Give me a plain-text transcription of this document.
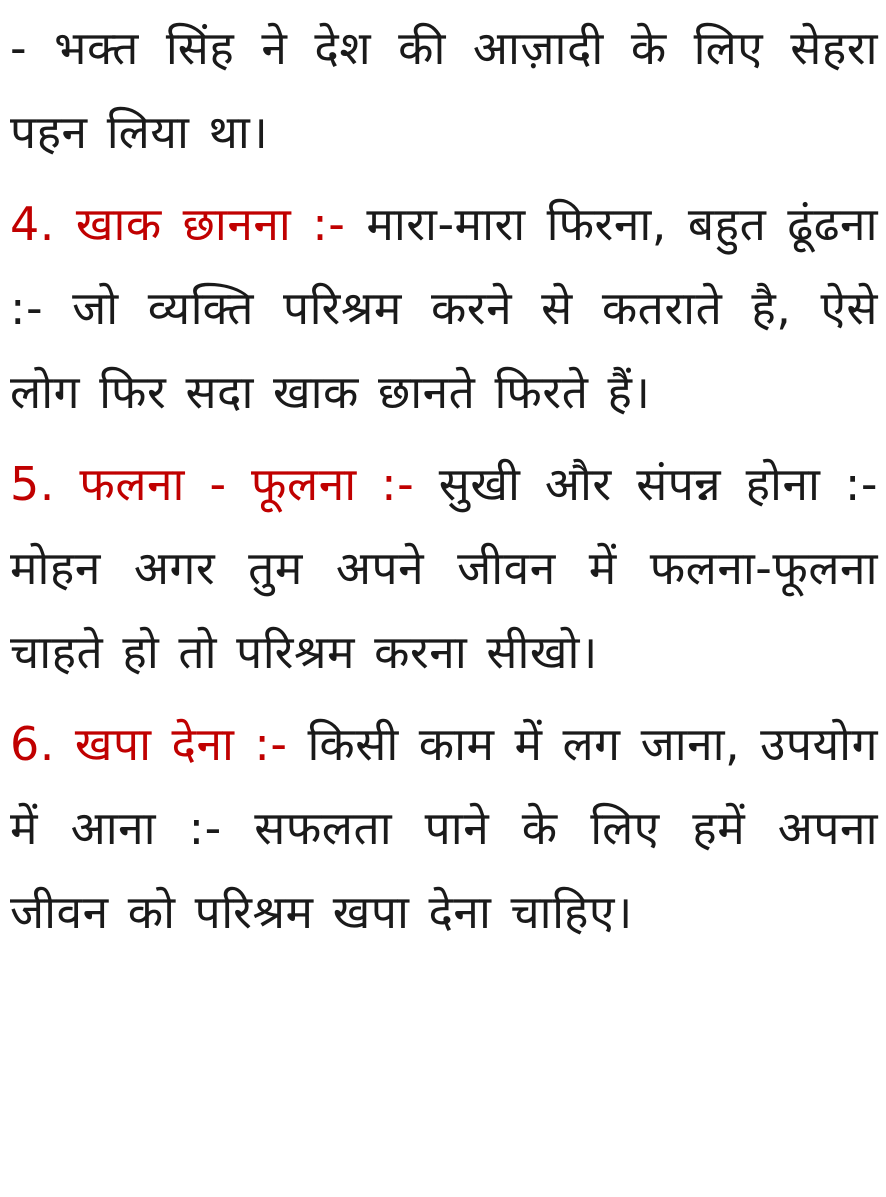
- भक्त सिंह ने देश की आज़ादी के लिए सेहरा पहन लिया था।

4. खाक छानना :- मारा-मारा फिरना, बहुत ढूंढना :- जो व्यक्ति परिश्रम करने से कतराते है, ऐसे लोग फिर सदा खाक छानते फिरते हैं।

5. फलना - फूलना :- सुखी और संपन्न होना :- मोहन अगर तुम अपने जीवन में फलना-फूलना चाहते हो तो परिश्रम करना सीखो।

6. खपा देना :- किसी काम में लग जाना, उपयोग में आना :- सफलता पाने के लिए हमें अपना जीवन को परिश्रम खपा देना चाहिए।
